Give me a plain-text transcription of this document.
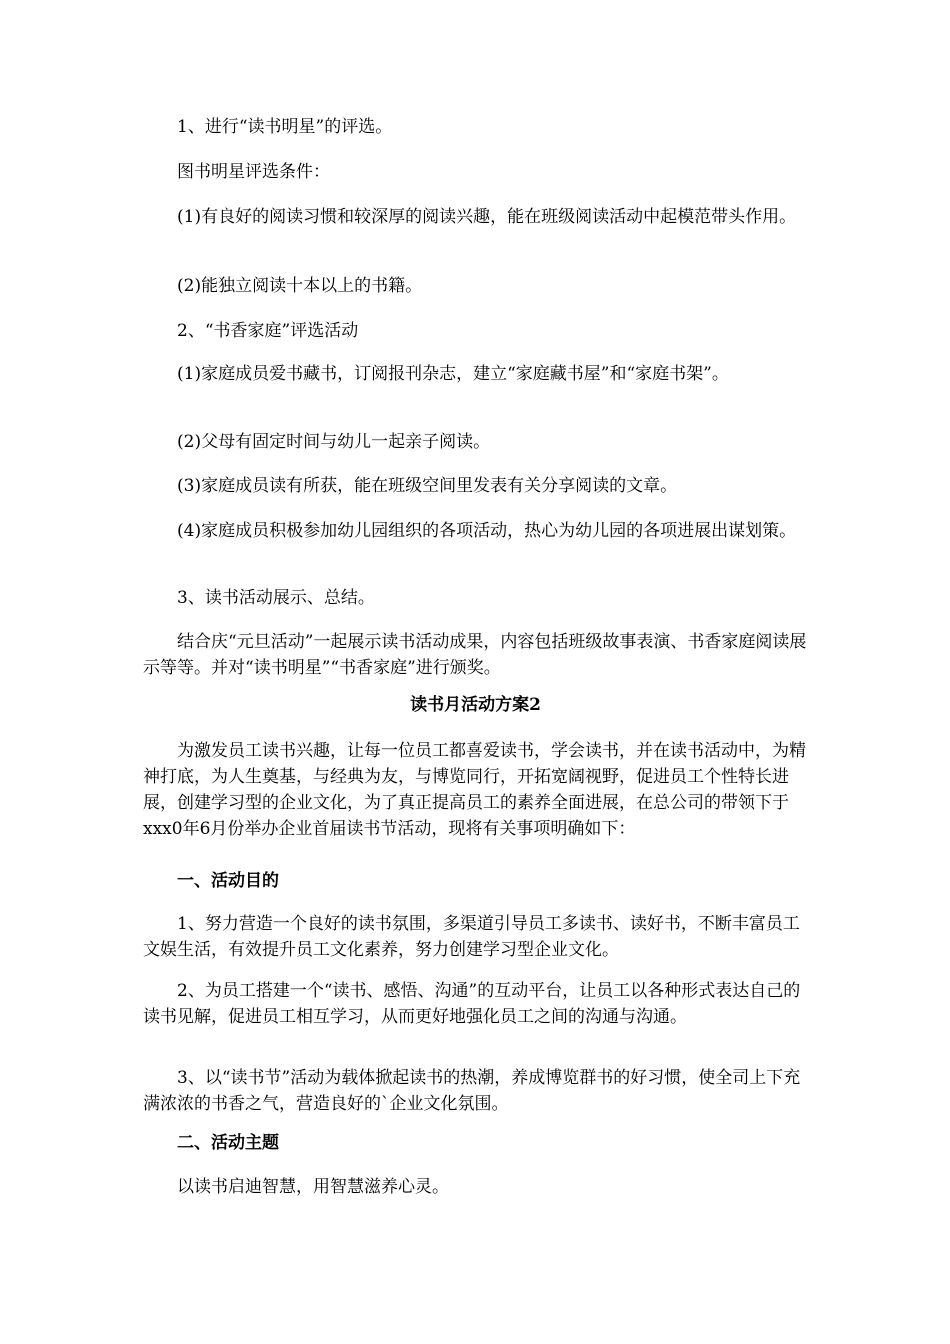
1、进行“读书明星”的评选。

图书明星评选条件：

(1)有良好的阅读习惯和较深厚的阅读兴趣，能在班级阅读活动中起模范带头作用。

(2)能独立阅读十本以上的书籍。

2、“书香家庭”评选活动

(1)家庭成员爱书藏书，订阅报刊杂志，建立“家庭藏书屋”和“家庭书架”。

(2)父母有固定时间与幼儿一起亲子阅读。

(3)家庭成员读有所获，能在班级空间里发表有关分享阅读的文章。

(4)家庭成员积极参加幼儿园组织的各项活动，热心为幼儿园的各项进展出谋划策。

3、读书活动展示、总结。

结合庆“元旦活动”一起展示读书活动成果，内容包括班级故事表演、书香家庭阅读展示等等。并对“读书明星”“书香家庭”进行颁奖。

读书月活动方案2

为激发员工读书兴趣，让每一位员工都喜爱读书，学会读书，并在读书活动中，为精神打底，为人生奠基，与经典为友，与博览同行，开拓宽阔视野，促进员工个性特长进展，创建学习型的企业文化，为了真正提高员工的素养全面进展，在总公司的带领下于xxx0年6月份举办企业首届读书节活动，现将有关事项明确如下：

一、活动目的

1、努力营造一个良好的读书氛围，多渠道引导员工多读书、读好书，不断丰富员工文娱生活，有效提升员工文化素养，努力创建学习型企业文化。

2、为员工搭建一个“读书、感悟、沟通”的互动平台，让员工以各种形式表达自己的读书见解，促进员工相互学习，从而更好地强化员工之间的沟通与沟通。

3、以“读书节”活动为载体掀起读书的热潮，养成博览群书的好习惯，使全司上下充满浓浓的书香之气，营造良好的`企业文化氛围。

二、活动主题

以读书启迪智慧，用智慧滋养心灵。
